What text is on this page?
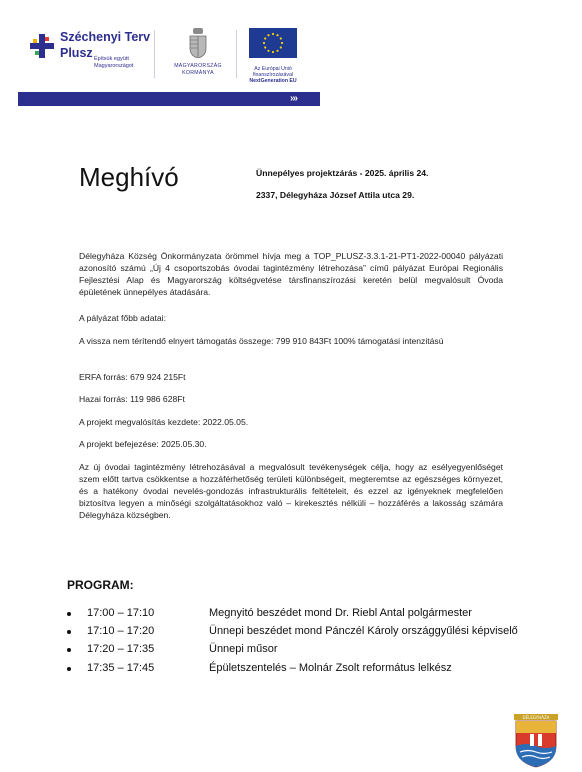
Széchenyi Terv
Plusz Építsük együtt
Magyarországot	MAGYARORSZÁG
KORMÁNYA
Az Európai Unió
finanszírozásával
NextGeneration EU
›››
Meghívó	Ünnepélyes projektzárás - 2025. április 24.
2337, Délegyháza József Attila utca 29.
Délegyháza Község Önkormányzata örömmel hívja meg a TOP_PLUSZ-3.3.1-21-PT1-2022-00040 pályázati azonosító számú „Új 4 csoportszobás óvodai tagintézmény létrehozása” című pályázat Európai Regionális Fejlesztési Alap és Magyarország költségvetése társfinanszírozási keretén belül megvalósult Óvoda épületének ünnepélyes átadására.
A pályázat főbb adatai:
A vissza nem térítendő elnyert támogatás összege: 799 910 843Ft 100% támogatási intenzitású
ERFA forrás: 679 924 215Ft
Hazai forrás: 119 986 628Ft
A projekt megvalósítás kezdete: 2022.05.05.
A projekt befejezése: 2025.05.30.
Az új óvodai tagintézmény létrehozásával a megvalósult tevékenységek célja, hogy az esélyegyenlőséget szem előtt tartva csökkentse a hozzáférhetőség területi különbségeit, megteremtse az egészséges környezet, és a hatékony óvodai nevelés-gondozás infrastrukturális feltételeit, és ezzel az igényeknek megfelelően biztosítva legyen a minőségi szolgáltatásokhoz való – kirekesztés nélküli – hozzáférés a lakosság számára Délegyháza községben.
PROGRAM:
17:00 – 17:10	Megnyitó beszédet mond Dr. Riebl Antal polgármester
17:10 – 17:20	Ünnepi beszédet mond Pánczél Károly országgyűlési képviselő
17:20 – 17:35	Ünnepi műsor
17:35 – 17:45	Épületszentelés – Molnár Zsolt református lelkész
DÉLEGYHÁZA
